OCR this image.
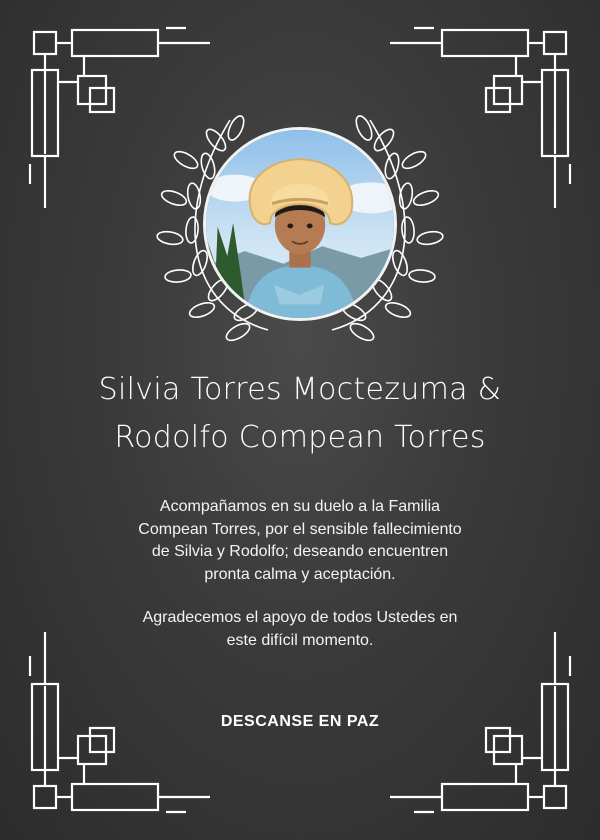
Silvia Torres Moctezuma &
Rodolfo Compean Torres
Acompañamos en su duelo a la Familia
Compean Torres, por el sensible fallecimiento
de Silvia y Rodolfo; deseando encuentren
pronta calma y aceptación.
Agradecemos el apoyo de todos Ustedes en
este difícil momento.
DESCANSE EN PAZ
